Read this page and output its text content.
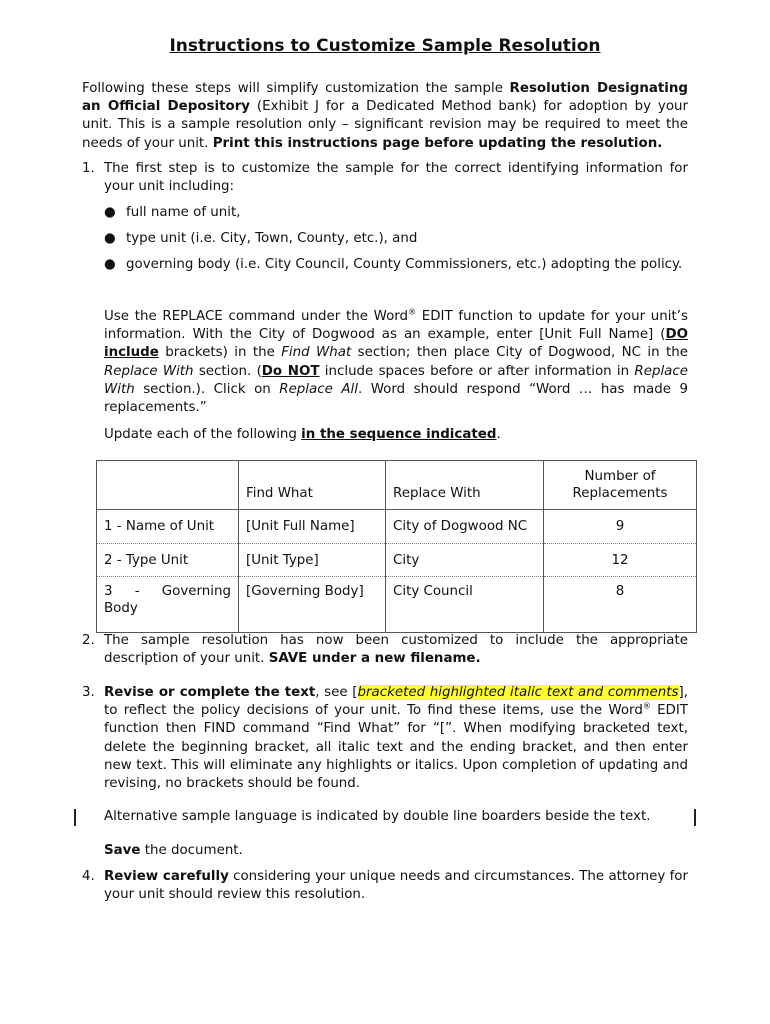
Instructions to Customize Sample Resolution
Following these steps will simplify customization the sample Resolution Designating an Official Depository (Exhibit J for a Dedicated Method bank) for adoption by your unit. This is a sample resolution only – significant revision may be required to meet the needs of your unit. Print this instructions page before updating the resolution.
1. The first step is to customize the sample for the correct identifying information for your unit including:
● full name of unit,
● type unit (i.e. City, Town, County, etc.), and
● governing body (i.e. City Council, County Commissioners, etc.) adopting the policy.
Use the REPLACE command under the Word® EDIT function to update for your unit’s information. With the City of Dogwood as an example, enter [Unit Full Name] (DO include brackets) in the Find What section; then place City of Dogwood, NC in the Replace With section. (Do NOT include spaces before or after information in Replace With section.). Click on Replace All. Word should respond “Word … has made 9 replacements.”
Update each of the following in the sequence indicated.
	Find What	Replace With	Number of Replacements
1 - Name of Unit	[Unit Full Name]	City of Dogwood NC	9
2 - Type Unit	[Unit Type]	City	12

3 - Governing
Body	[Governing Body]	City Council	8
2. The sample resolution has now been customized to include the appropriate description of your unit. SAVE under a new filename.
3. Revise or complete the text, see [bracketed highlighted italic text and comments], to reflect the policy decisions of your unit. To find these items, use the Word® EDIT function then FIND command “Find What” for “[”. When modifying bracketed text, delete the beginning bracket, all italic text and the ending bracket, and then enter new text. This will eliminate any highlights or italics. Upon completion of updating and revising, no brackets should be found.
Alternative sample language is indicated by double line boarders beside the text.
Save the document.
4. Review carefully considering your unique needs and circumstances. The attorney for your unit should review this resolution.
